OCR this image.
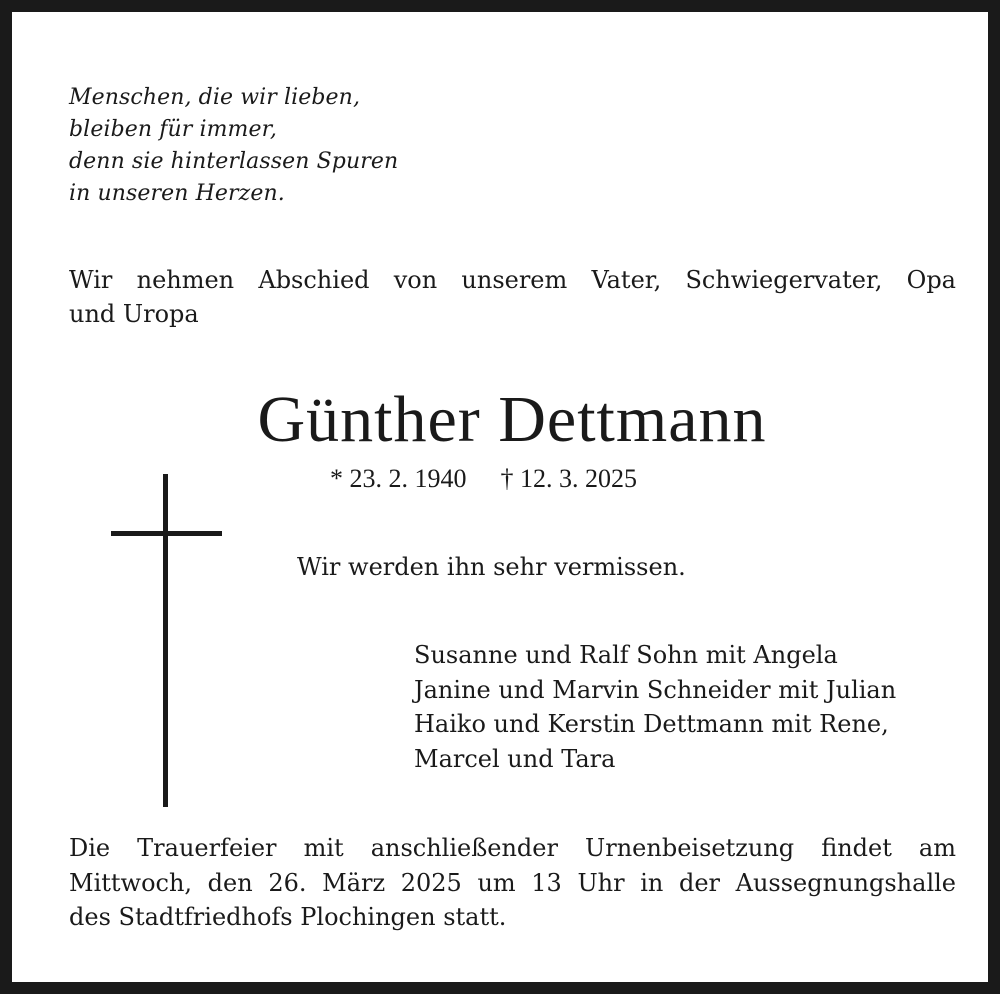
Menschen, die wir lieben,
bleiben für immer,
denn sie hinterlassen Spuren
in unseren Herzen.
Wir nehmen Abschied von unserem Vater, Schwiegervater, Opa
und Uropa
Günther Dettmann
* 23. 2. 1940 † 12. 3. 2025
Wir werden ihn sehr vermissen.
Susanne und Ralf Sohn mit Angela
Janine und Marvin Schneider mit Julian
Haiko und Kerstin Dettmann mit Rene,
Marcel und Tara
Die Trauerfeier mit anschließender Urnenbeisetzung findet am
Mittwoch, den 26. März 2025 um 13 Uhr in der Aussegnungshalle
des Stadtfriedhofs Plochingen statt.
